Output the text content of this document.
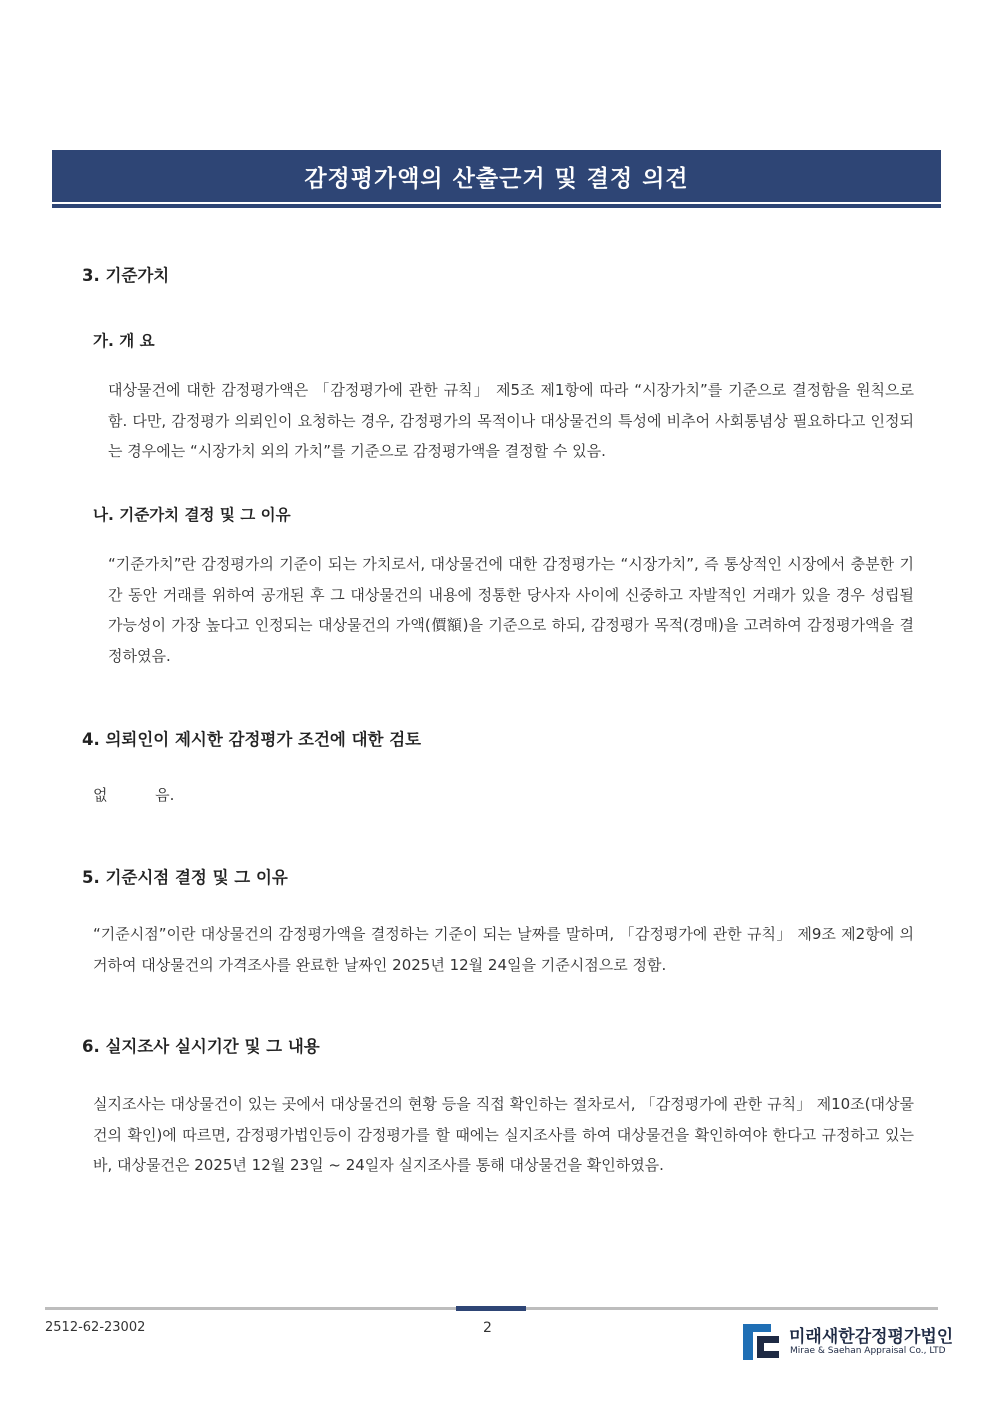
감정평가액의 산출근거 및 결정 의견
3. 기준가치
가. 개 요
대상물건에 대한 감정평가액은 「감정평가에 관한 규칙」 제5조 제1항에 따라 “시장가치”를 기준으로 결정함을 원칙으로 함. 다만, 감정평가 의뢰인이 요청하는 경우, 감정평가의 목적이나 대상물건의 특성에 비추어 사회통념상 필요하다고 인정되는 경우에는 “시장가치 외의 가치”를 기준으로 감정평가액을 결정할 수 있음.
나. 기준가치 결정 및 그 이유
“기준가치”란 감정평가의 기준이 되는 가치로서, 대상물건에 대한 감정평가는 “시장가치”, 즉 통상적인 시장에서 충분한 기간 동안 거래를 위하여 공개된 후 그 대상물건의 내용에 정통한 당사자 사이에 신중하고 자발적인 거래가 있을 경우 성립될 가능성이 가장 높다고 인정되는 대상물건의 가액(價額)을 기준으로 하되, 감정평가 목적(경매)을 고려하여 감정평가액을 결정하였음.
4. 의뢰인이 제시한 감정평가 조건에 대한 검토
없          음.
5. 기준시점 결정 및 그 이유
“기준시점”이란 대상물건의 감정평가액을 결정하는 기준이 되는 날짜를 말하며, 「감정평가에 관한 규칙」 제9조 제2항에 의거하여 대상물건의 가격조사를 완료한 날짜인 2025년 12월 24일을 기준시점으로 정함.
6. 실지조사 실시기간 및 그 내용
실지조사는 대상물건이 있는 곳에서 대상물건의 현황 등을 직접 확인하는 절차로서, 「감정평가에 관한 규칙」 제10조(대상물건의 확인)에 따르면, 감정평가법인등이 감정평가를 할 때에는 실지조사를 하여 대상물건을 확인하여야 한다고 규정하고 있는바, 대상물건은 2025년 12월 23일 ~ 24일자 실지조사를 통해 대상물건을 확인하였음.
2512-62-23002	2	미래새한감정평가법인
Mirae & Saehan Appraisal Co., LTD
